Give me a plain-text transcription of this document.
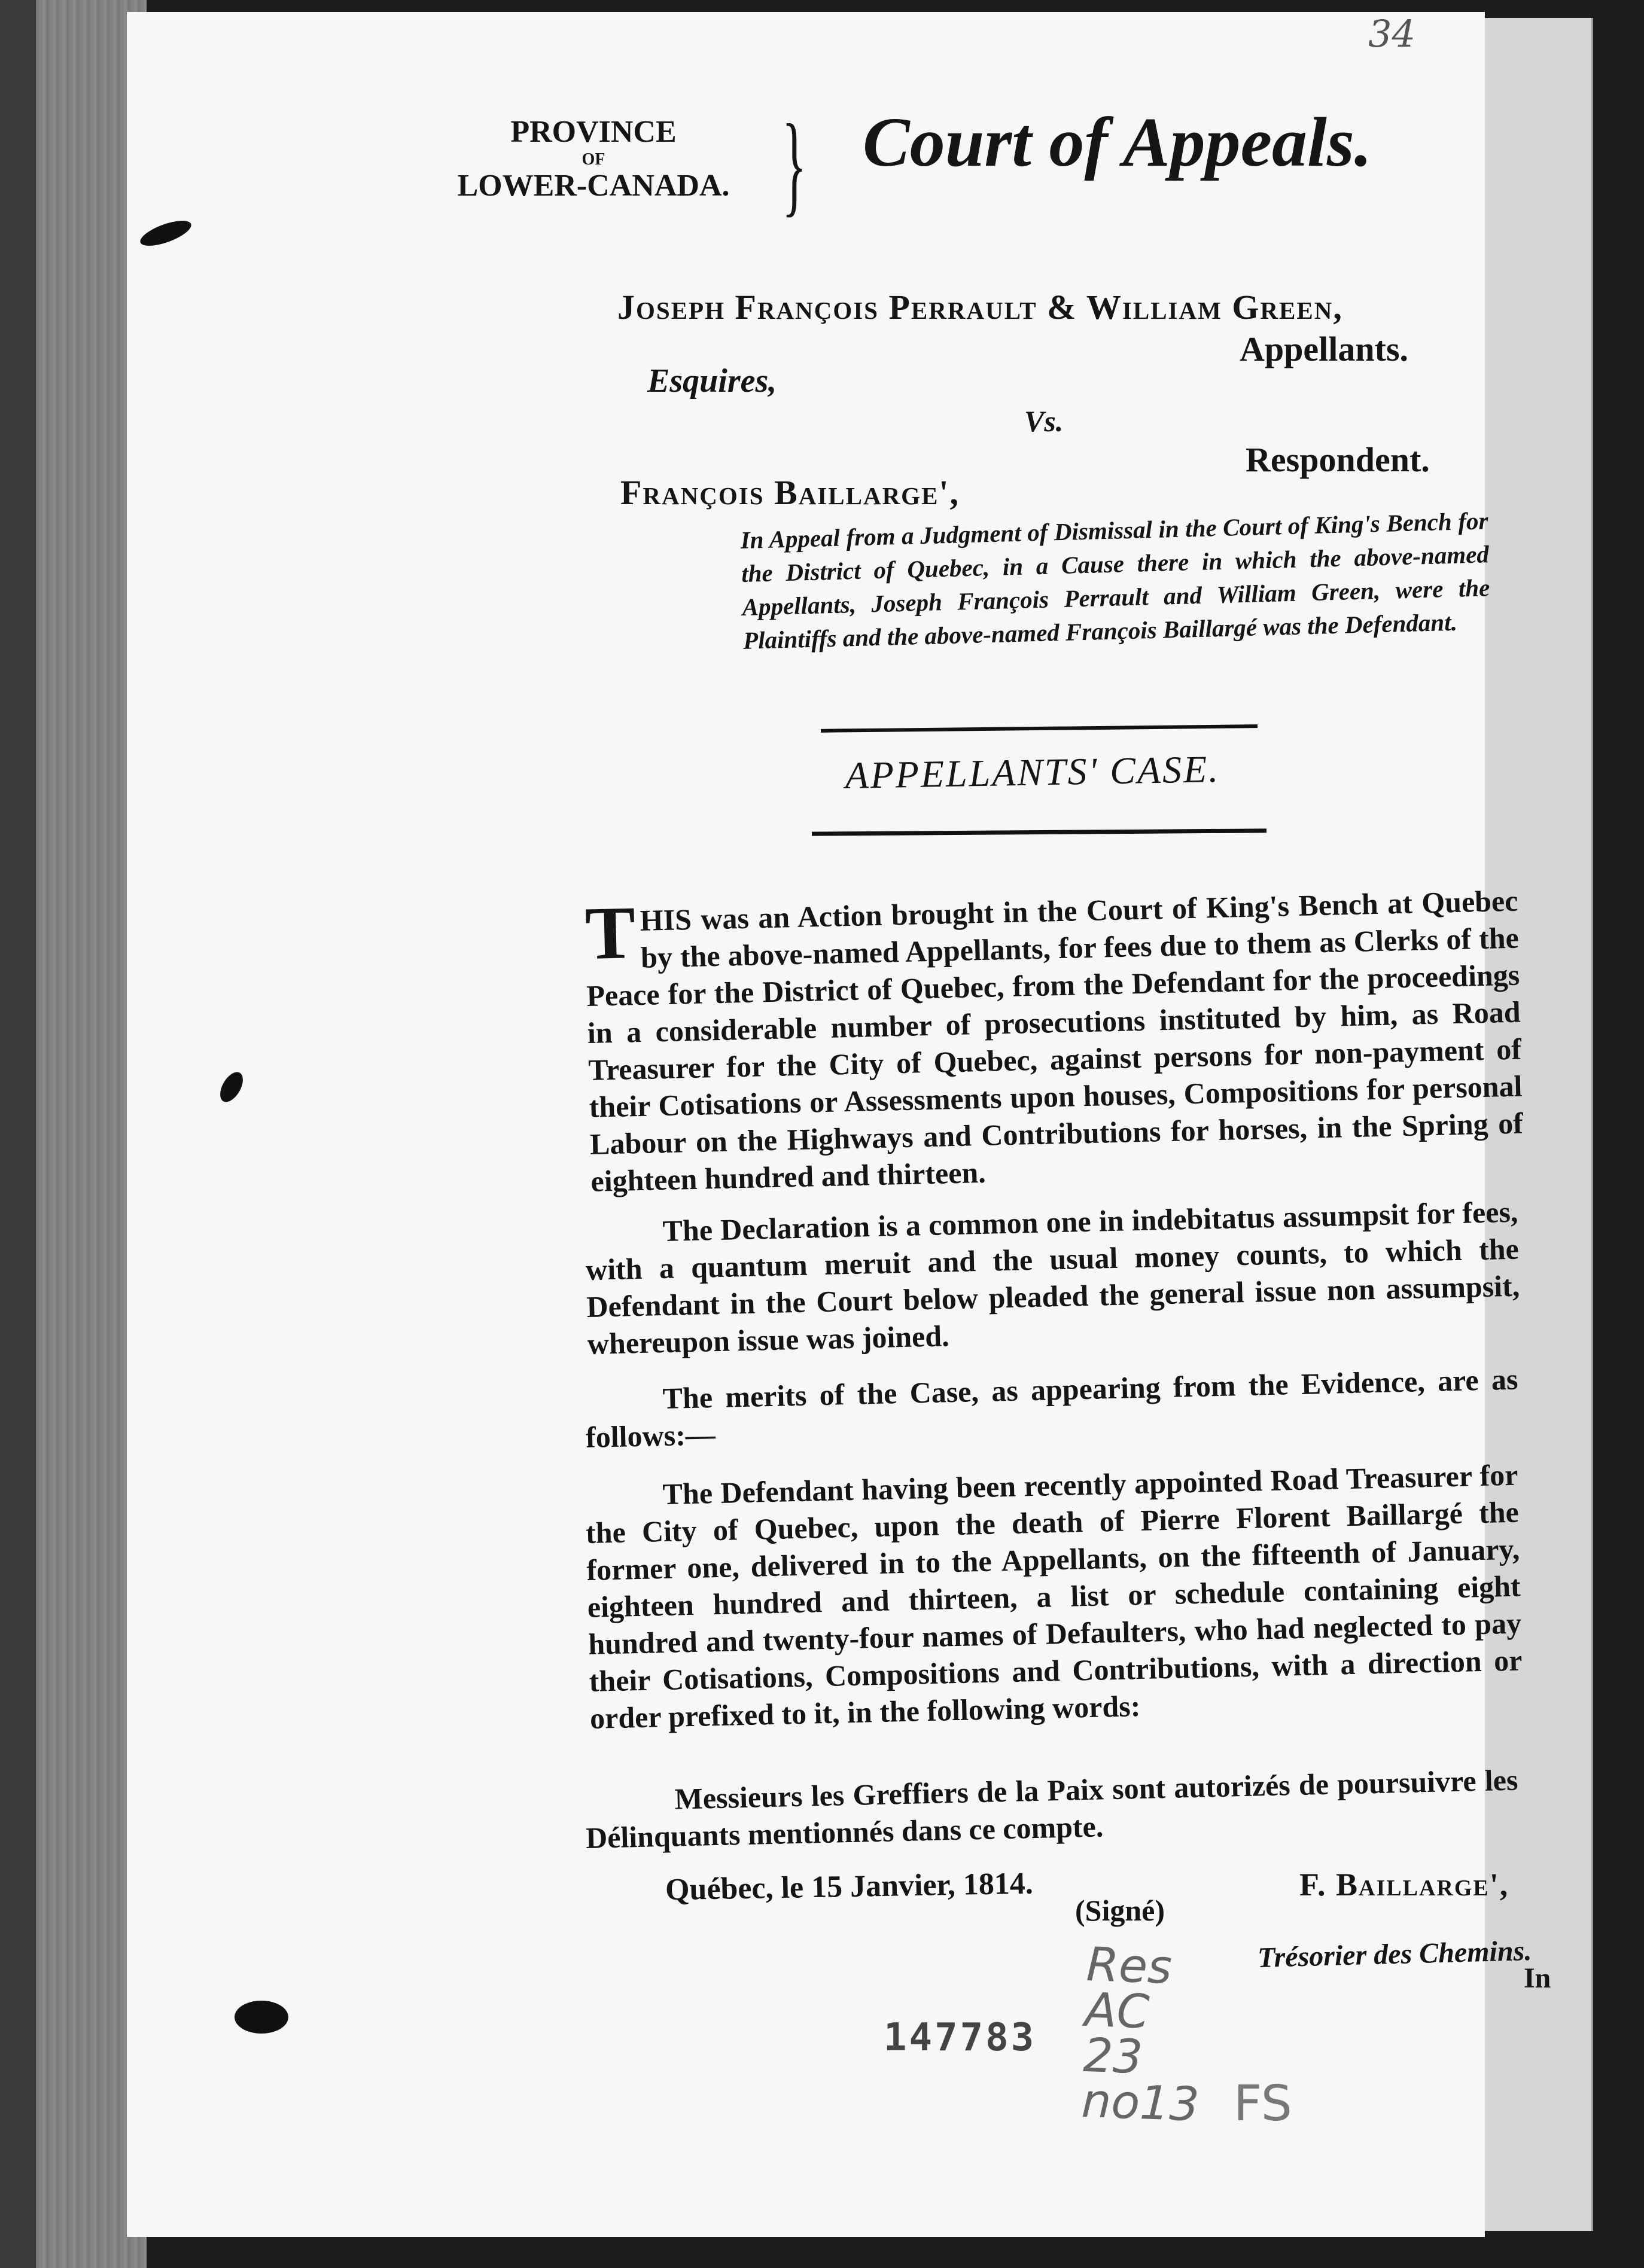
34
PROVINCE
OF
LOWER-CANADA. } Court of Appeals.
Joseph François Perrault & William Green,
Esquires,
Appellants.
Vs.
François Baillarge',
Respondent.
In Appeal from a Judgment of Dismissal in the Court of King's Bench for the District of Quebec, in a Cause there in which the above-named Appellants, Joseph François Perrault and William Green, were the Plaintiffs and the above-named François Baillargé was the Defendant.
APPELLANTS' CASE.
THIS was an Action brought in the Court of King's Bench at Quebec by the above-named Appellants, for fees due to them as Clerks of the Peace for the District of Quebec, from the Defendant for the proceedings in a considerable number of prosecutions instituted by him, as Road Treasurer for the City of Quebec, against persons for non-payment of their Cotisations or Assessments upon houses, Compositions for personal Labour on the Highways and Contributions for horses, in the Spring of eighteen hundred and thirteen.
The Declaration is a common one in indebitatus assumpsit for fees, with a quantum meruit and the usual money counts, to which the Defendant in the Court below pleaded the general issue non assumpsit, whereupon issue was joined.
The merits of the Case, as appearing from the Evidence, are as follows:—
The Defendant having been recently appointed Road Treasurer for the City of Quebec, upon the death of Pierre Florent Baillargé the former one, delivered in to the Appellants, on the fifteenth of January, eighteen hundred and thirteen, a list or schedule containing eight hundred and twenty-four names of Defaulters, who had neglected to pay their Cotisations, Compositions and Contributions, with a direction or order prefixed to it, in the following words:
Messieurs les Greffiers de la Paix sont autorizés de poursuivre les Délinquants mentionnés dans ce compte.
Québec, le 15 Janvier, 1814.
(Signé)
F. Baillarge',
Trésorier des Chemins.
In
147783
Res
AC
23
no13 FS
